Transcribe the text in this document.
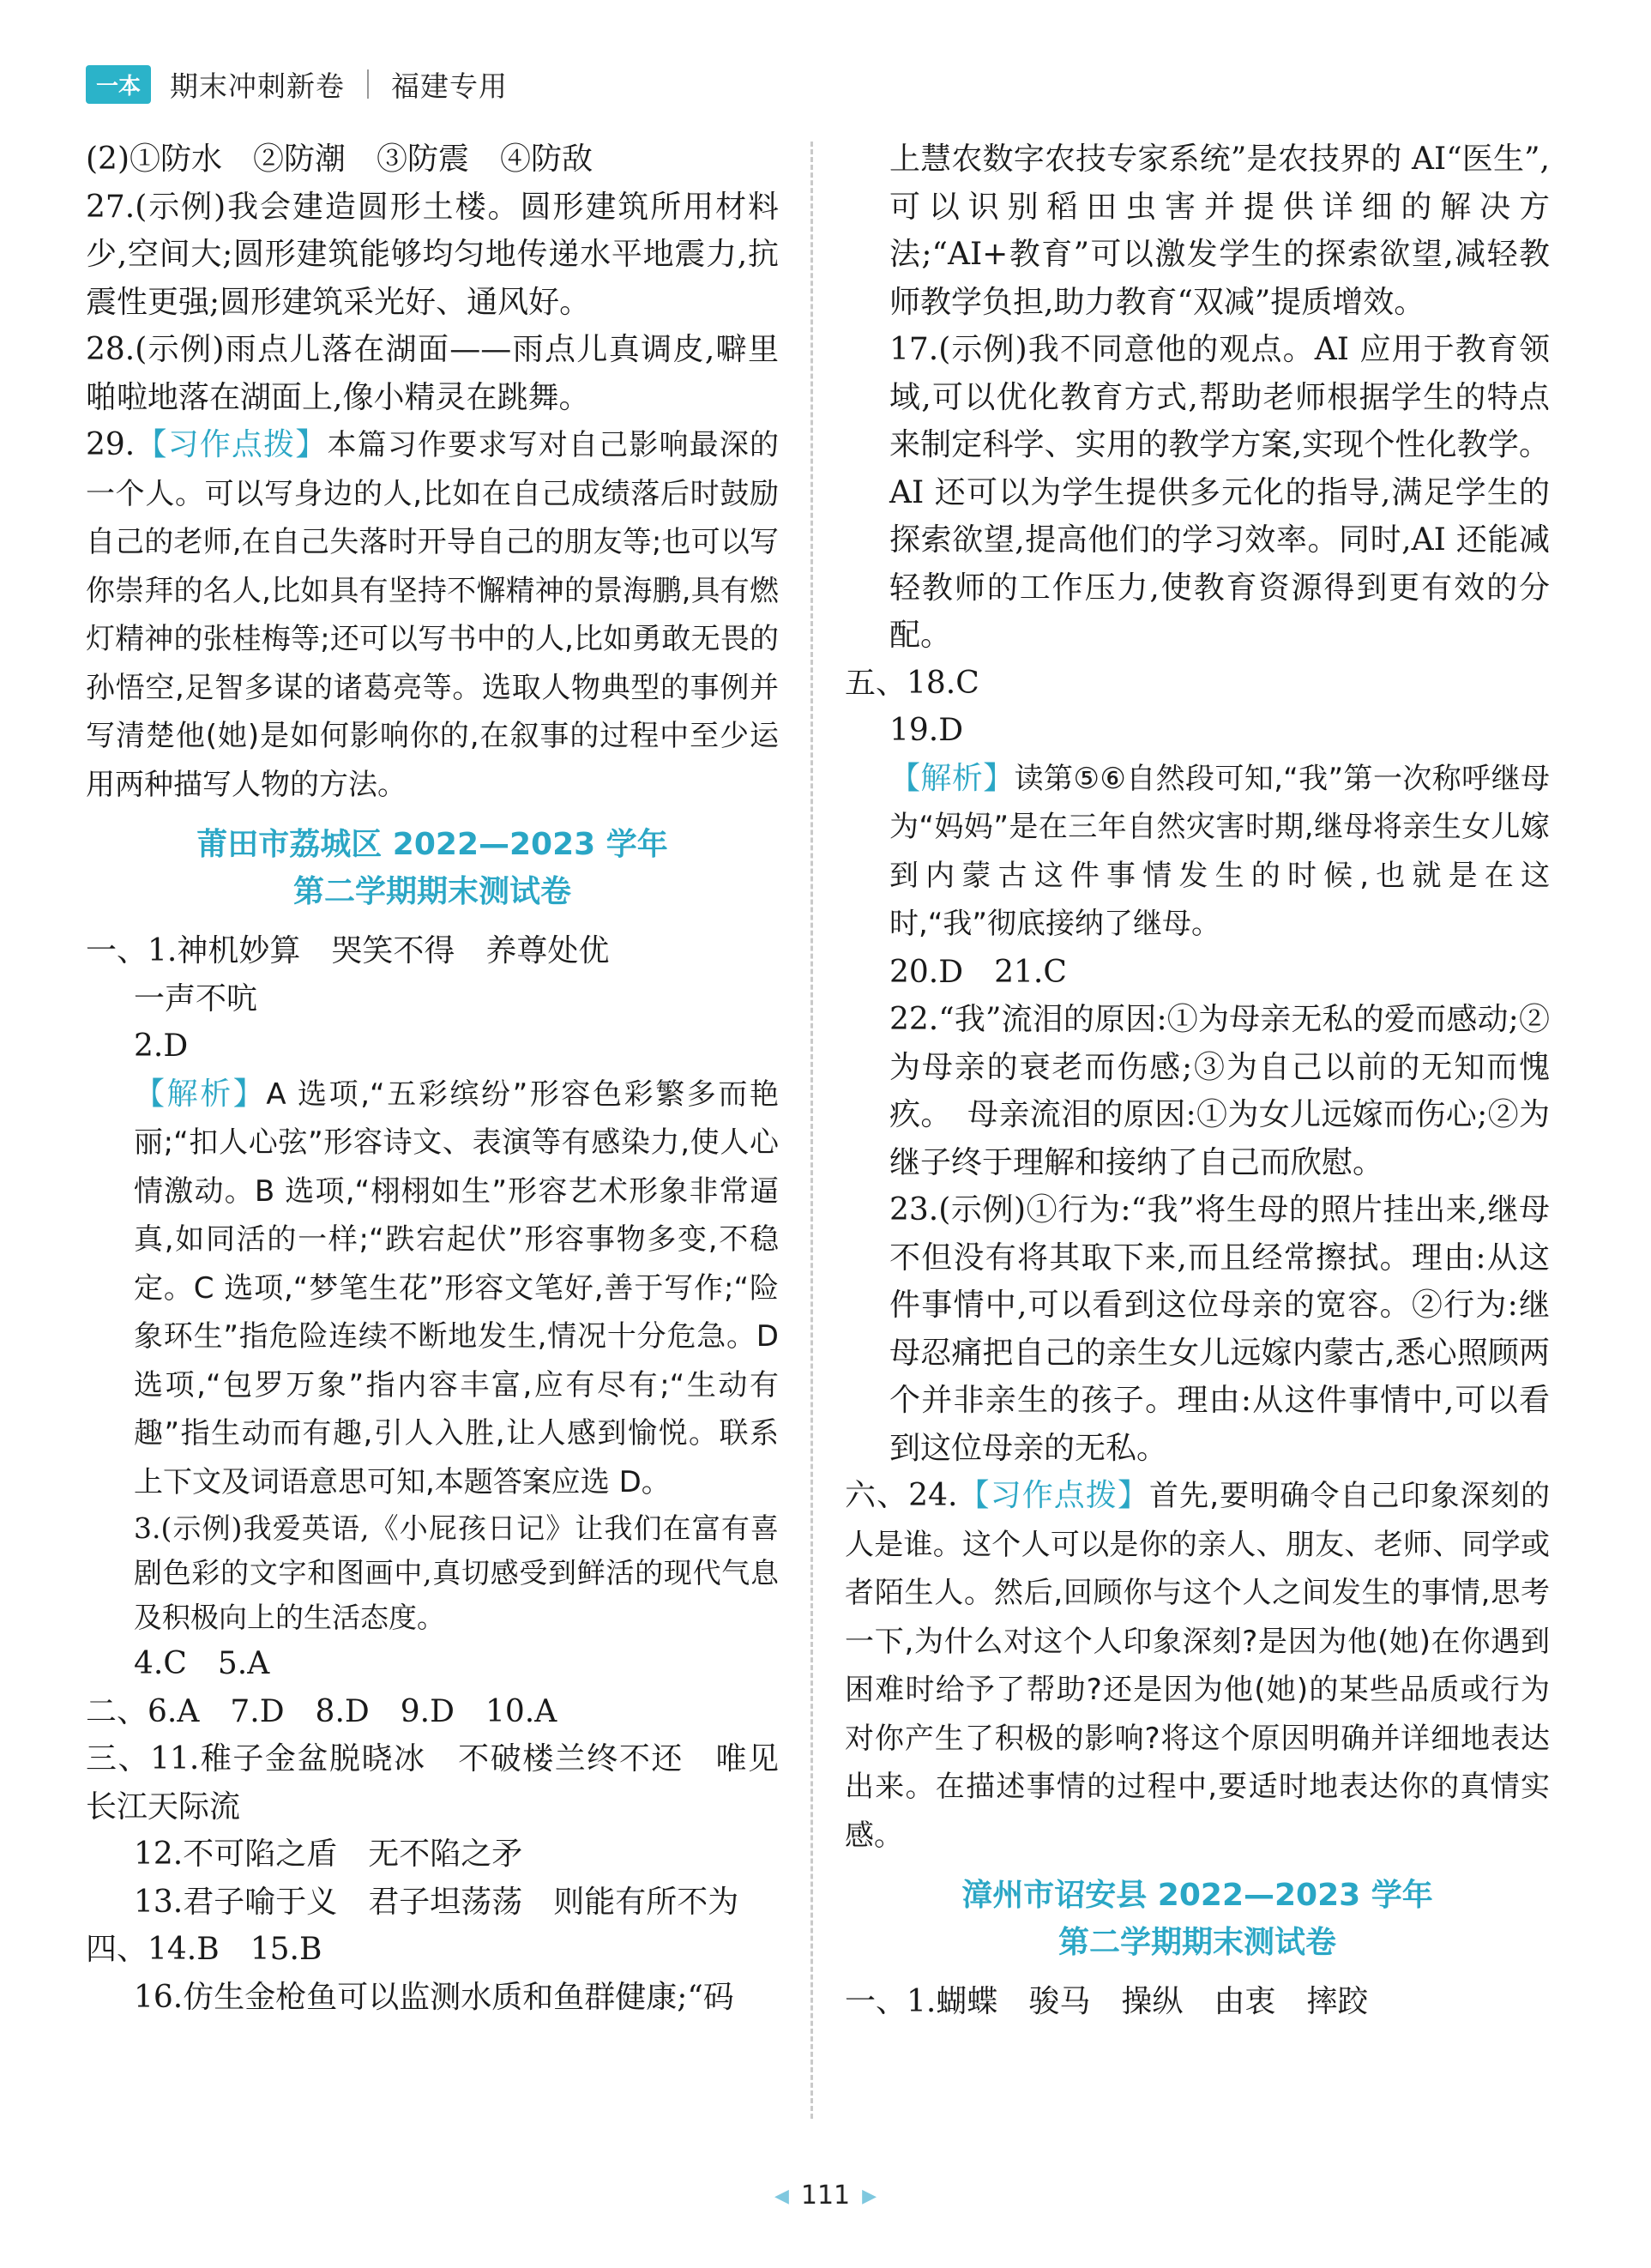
一本	期末冲刺新卷 福建专用

(2)①防水　②防潮　③防震　④防敌

27.(示例)我会建造圆形土楼。圆形建筑所用材料少,空间大;圆形建筑能够均匀地传递水平地震力,抗震性更强;圆形建筑采光好、通风好。

28.(示例)雨点儿落在湖面——雨点儿真调皮,噼里啪啦地落在湖面上,像小精灵在跳舞。

29.【习作点拨】本篇习作要求写对自己影响最深的一个人。可以写身边的人,比如在自己成绩落后时鼓励自己的老师,在自己失落时开导自己的朋友等;也可以写你崇拜的名人,比如具有坚持不懈精神的景海鹏,具有燃灯精神的张桂梅等;还可以写书中的人,比如勇敢无畏的孙悟空,足智多谋的诸葛亮等。选取人物典型的事例并写清楚他(她)是如何影响你的,在叙事的过程中至少运用两种描写人物的方法。

莆田市荔城区 2022—2023 学年

第二学期期末测试卷

一、1.神机妙算　哭笑不得　养尊处优

一声不吭

2.D

【解析】A 选项,“五彩缤纷”形容色彩繁多而艳丽;“扣人心弦”形容诗文、表演等有感染力,使人心情激动。B 选项,“栩栩如生”形容艺术形象非常逼真,如同活的一样;“跌宕起伏”形容事物多变,不稳定。C 选项,“梦笔生花”形容文笔好,善于写作;“险象环生”指危险连续不断地发生,情况十分危急。D 选项,“包罗万象”指内容丰富,应有尽有;“生动有趣”指生动而有趣,引人入胜,让人感到愉悦。联系上下文及词语意思可知,本题答案应选 D。

3.(示例)我爱英语,《小屁孩日记》让我们在富有喜剧色彩的文字和图画中,真切感受到鲜活的现代气息及积极向上的生活态度。

4.C　5.A

二、6.A　7.D　8.D　9.D　10.A

三、11.稚子金盆脱晓冰　不破楼兰终不还　唯见长江天际流

12.不可陷之盾　无不陷之矛

13.君子喻于义　君子坦荡荡　则能有所不为

四、14.B　15.B

16.仿生金枪鱼可以监测水质和鱼群健康;“码

上慧农数字农技专家系统”是农技界的 AI“医生”,可以识别稻田虫害并提供详细的解决方法;“AI+教育”可以激发学生的探索欲望,减轻教师教学负担,助力教育“双减”提质增效。

17.(示例)我不同意他的观点。AI 应用于教育领域,可以优化教育方式,帮助老师根据学生的特点来制定科学、实用的教学方案,实现个性化教学。AI 还可以为学生提供多元化的指导,满足学生的探索欲望,提高他们的学习效率。同时,AI 还能减轻教师的工作压力,使教育资源得到更有效的分配。

五、18.C

19.D

【解析】读第⑤⑥自然段可知,“我”第一次称呼继母为“妈妈”是在三年自然灾害时期,继母将亲生女儿嫁到内蒙古这件事情发生的时候,也就是在这时,“我”彻底接纳了继母。

20.D　21.C

22.“我”流泪的原因:①为母亲无私的爱而感动;②为母亲的衰老而伤感;③为自己以前的无知而愧疚。　母亲流泪的原因:①为女儿远嫁而伤心;②为继子终于理解和接纳了自己而欣慰。

23.(示例)①行为:“我”将生母的照片挂出来,继母不但没有将其取下来,而且经常擦拭。理由:从这件事情中,可以看到这位母亲的宽容。②行为:继母忍痛把自己的亲生女儿远嫁内蒙古,悉心照顾两个并非亲生的孩子。理由:从这件事情中,可以看到这位母亲的无私。

六、24.【习作点拨】首先,要明确令自己印象深刻的人是谁。这个人可以是你的亲人、朋友、老师、同学或者陌生人。然后,回顾你与这个人之间发生的事情,思考一下,为什么对这个人印象深刻?是因为他(她)在你遇到困难时给予了帮助?还是因为他(她)的某些品质或行为对你产生了积极的影响?将这个原因明确并详细地表达出来。在描述事情的过程中,要适时地表达你的真情实感。

漳州市诏安县 2022—2023 学年

第二学期期末测试卷

一、1.蝴蝶　骏马　操纵　由衷　摔跤

◀ 111 ▶
